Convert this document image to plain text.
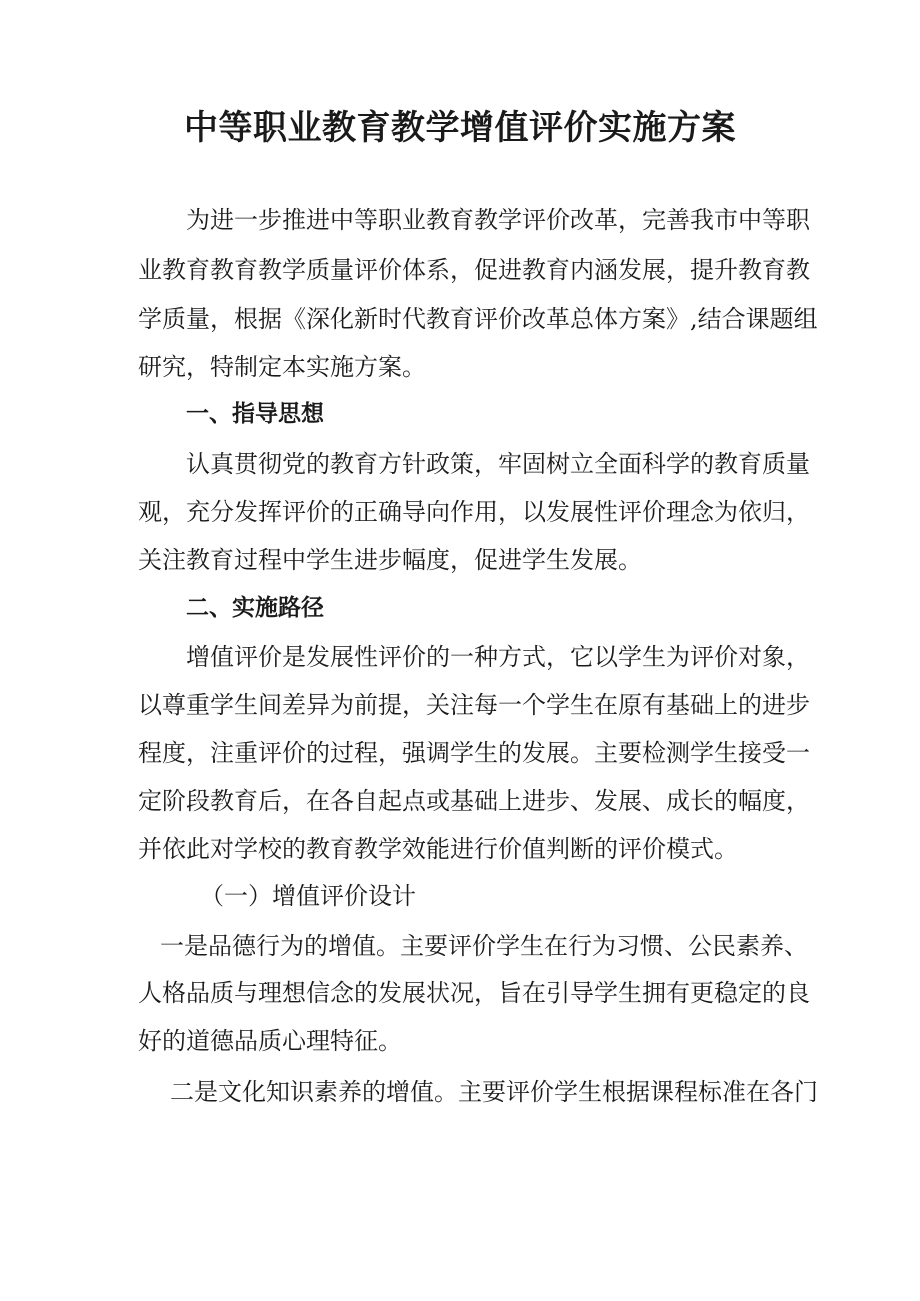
中等职业教育教学增值评价实施方案

为进一步推进中等职业教育教学评价改革，完善我市中等职

业教育教育教学质量评价体系，促进教育内涵发展，提升教育教

学质量，根据《深化新时代教育评价改革总体方案》,结合课题组

研究，特制定本实施方案。

一、指导思想

认真贯彻党的教育方针政策，牢固树立全面科学的教育质量

观，充分发挥评价的正确导向作用，以发展性评价理念为依归，

关注教育过程中学生进步幅度，促进学生发展。

二、实施路径

增值评价是发展性评价的一种方式，它以学生为评价对象，

以尊重学生间差异为前提，关注每一个学生在原有基础上的进步

程度，注重评价的过程，强调学生的发展。主要检测学生接受一

定阶段教育后，在各自起点或基础上进步、发展、成长的幅度，

并依此对学校的教育教学效能进行价值判断的评价模式。

（一）增值评价设计

一是品德行为的增值。主要评价学生在行为习惯、公民素养、

人格品质与理想信念的发展状况，旨在引导学生拥有更稳定的良

好的道德品质心理特征。

二是文化知识素养的增值。主要评价学生根据课程标准在各门
